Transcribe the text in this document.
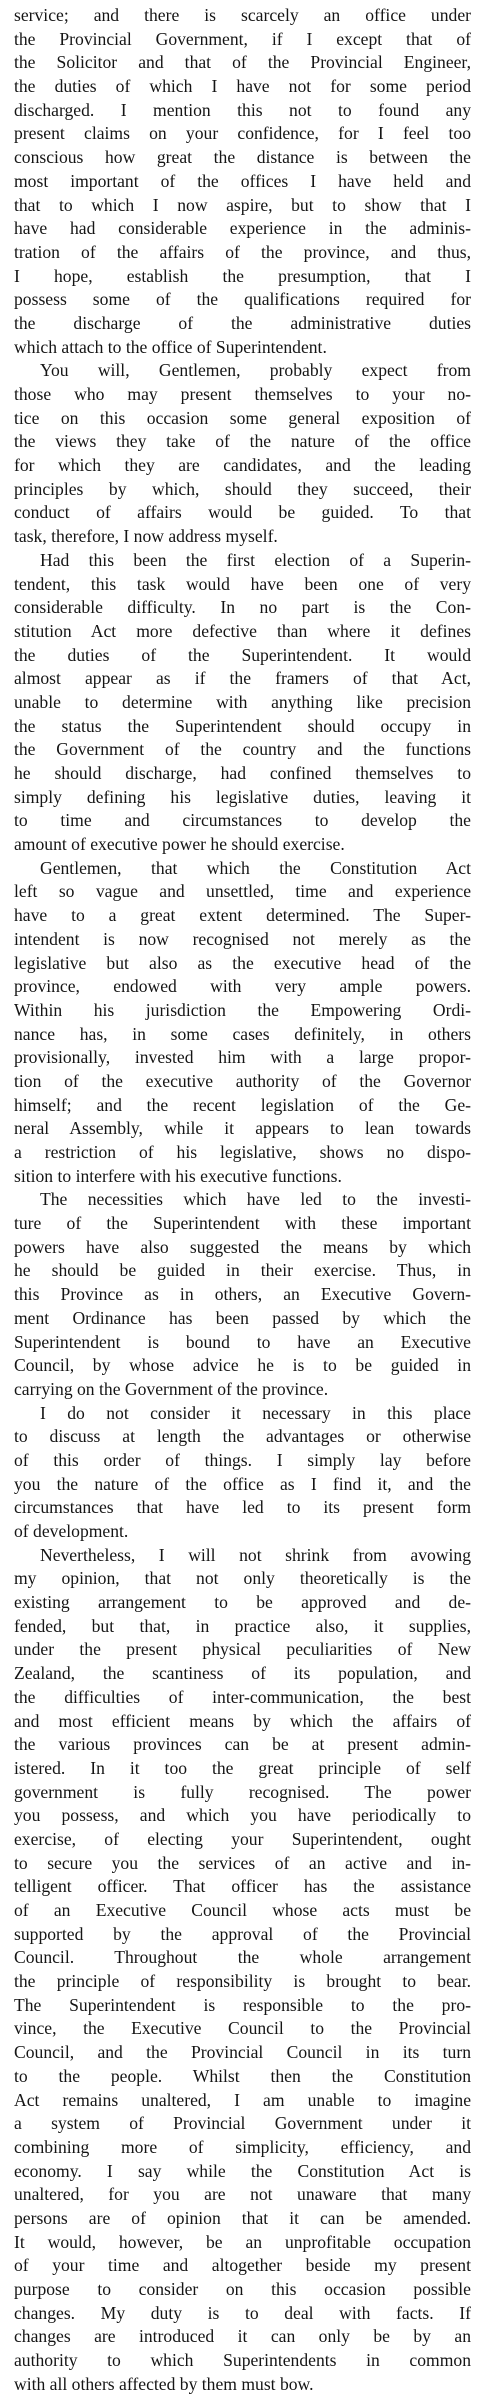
service; and there is scarcely an office under
the Provincial Government, if I except that of
the Solicitor and that of the Provincial Engineer,
the duties of which I have not for some period
discharged. I mention this not to found any
present claims on your confidence, for I feel too
conscious how great the distance is between the
most important of the offices I have held and
that to which I now aspire, but to show that I
have had considerable experience in the adminis-
tration of the affairs of the province, and thus,
I hope, establish the presumption, that I
possess some of the qualifications required for
the discharge of the administrative duties
which attach to the office of Superintendent.
You will, Gentlemen, probably expect from
those who may present themselves to your no-
tice on this occasion some general exposition of
the views they take of the nature of the office
for which they are candidates, and the leading
principles by which, should they succeed, their
conduct of affairs would be guided. To that
task, therefore, I now address myself.
Had this been the first election of a Superin-
tendent, this task would have been one of very
considerable difficulty. In no part is the Con-
stitution Act more defective than where it defines
the duties of the Superintendent. It would
almost appear as if the framers of that Act,
unable to determine with anything like precision
the status the Superintendent should occupy in
the Government of the country and the functions
he should discharge, had confined themselves to
simply defining his legislative duties, leaving it
to time and circumstances to develop the
amount of executive power he should exercise.
Gentlemen, that which the Constitution Act
left so vague and unsettled, time and experience
have to a great extent determined. The Super-
intendent is now recognised not merely as the
legislative but also as the executive head of the
province, endowed with very ample powers.
Within his jurisdiction the Empowering Ordi-
nance has, in some cases definitely, in others
provisionally, invested him with a large propor-
tion of the executive authority of the Governor
himself; and the recent legislation of the Ge-
neral Assembly, while it appears to lean towards
a restriction of his legislative, shows no dispo-
sition to interfere with his executive functions.
The necessities which have led to the investi-
ture of the Superintendent with these important
powers have also suggested the means by which
he should be guided in their exercise. Thus, in
this Province as in others, an Executive Govern-
ment Ordinance has been passed by which the
Superintendent is bound to have an Executive
Council, by whose advice he is to be guided in
carrying on the Government of the province.
I do not consider it necessary in this place
to discuss at length the advantages or otherwise
of this order of things. I simply lay before
you the nature of the office as I find it, and the
circumstances that have led to its present form
of development.
Nevertheless, I will not shrink from avowing
my opinion, that not only theoretically is the
existing arrangement to be approved and de-
fended, but that, in practice also, it supplies,
under the present physical peculiarities of New
Zealand, the scantiness of its population, and
the difficulties of inter-communication, the best
and most efficient means by which the affairs of
the various provinces can be at present admin-
istered. In it too the great principle of self
government is fully recognised. The power
you possess, and which you have periodically to
exercise, of electing your Superintendent, ought
to secure you the services of an active and in-
telligent officer. That officer has the assistance
of an Executive Council whose acts must be
supported by the approval of the Provincial
Council. Throughout the whole arrangement
the principle of responsibility is brought to bear.
The Superintendent is responsible to the pro-
vince, the Executive Council to the Provincial
Council, and the Provincial Council in its turn
to the people. Whilst then the Constitution
Act remains unaltered, I am unable to imagine
a system of Provincial Government under it
combining more of simplicity, efficiency, and
economy. I say while the Constitution Act is
unaltered, for you are not unaware that many
persons are of opinion that it can be amended.
It would, however, be an unprofitable occupation
of your time and altogether beside my present
purpose to consider on this occasion possible
changes. My duty is to deal with facts. If
changes are introduced it can only be by an
authority to which Superintendents in common
with all others affected by them must bow.
